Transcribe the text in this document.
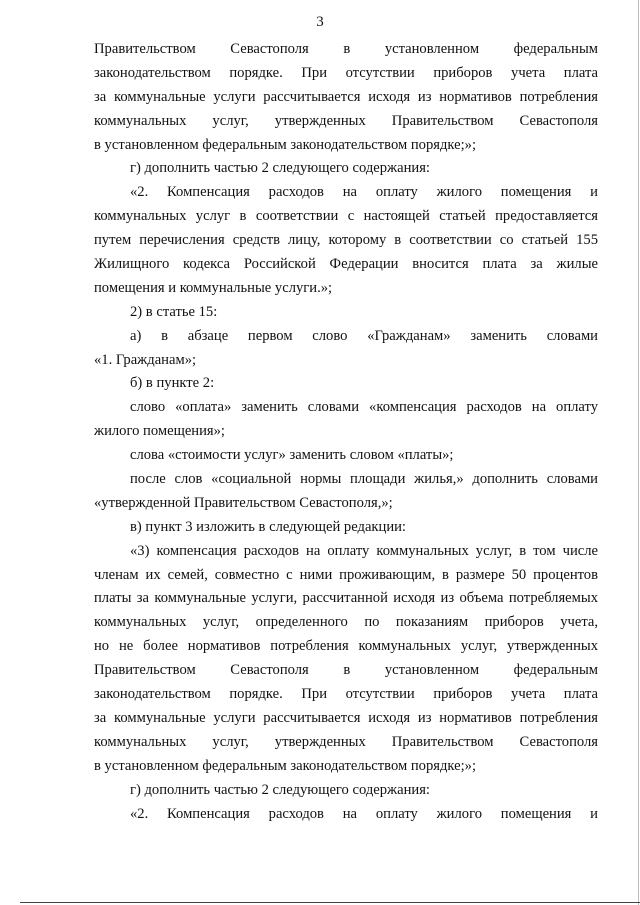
3
Правительством Севастополя в установленном федеральным
законодательством порядке. При отсутствии приборов учета плата
за коммунальные услуги рассчитывается исходя из нормативов потребления
коммунальных услуг, утвержденных Правительством Севастополя
в установленном федеральным законодательством порядке;»;
г) дополнить частью 2 следующего содержания:
«2. Компенсация расходов на оплату жилого помещения и
коммунальных услуг в соответствии с настоящей статьей предоставляется
путем перечисления средств лицу, которому в соответствии со статьей 155
Жилищного кодекса Российской Федерации вносится плата за жилые
помещения и коммунальные услуги.»;
2) в статье 15:
а) в абзаце первом слово «Гражданам» заменить словами
«1. Гражданам»;
б) в пункте 2:
слово «оплата» заменить словами «компенсация расходов на оплату
жилого помещения»;
слова «стоимости услуг» заменить словом «платы»;
после слов «социальной нормы площади жилья,» дополнить словами
«утвержденной Правительством Севастополя,»;
в) пункт 3 изложить в следующей редакции:
«3) компенсация расходов на оплату коммунальных услуг, в том числе
членам их семей, совместно с ними проживающим, в размере 50 процентов
платы за коммунальные услуги, рассчитанной исходя из объема потребляемых
коммунальных услуг, определенного по показаниям приборов учета,
но не более нормативов потребления коммунальных услуг, утвержденных
Правительством Севастополя в установленном федеральным
законодательством порядке. При отсутствии приборов учета плата
за коммунальные услуги рассчитывается исходя из нормативов потребления
коммунальных услуг, утвержденных Правительством Севастополя
в установленном федеральным законодательством порядке;»;
г) дополнить частью 2 следующего содержания:
«2. Компенсация расходов на оплату жилого помещения и
